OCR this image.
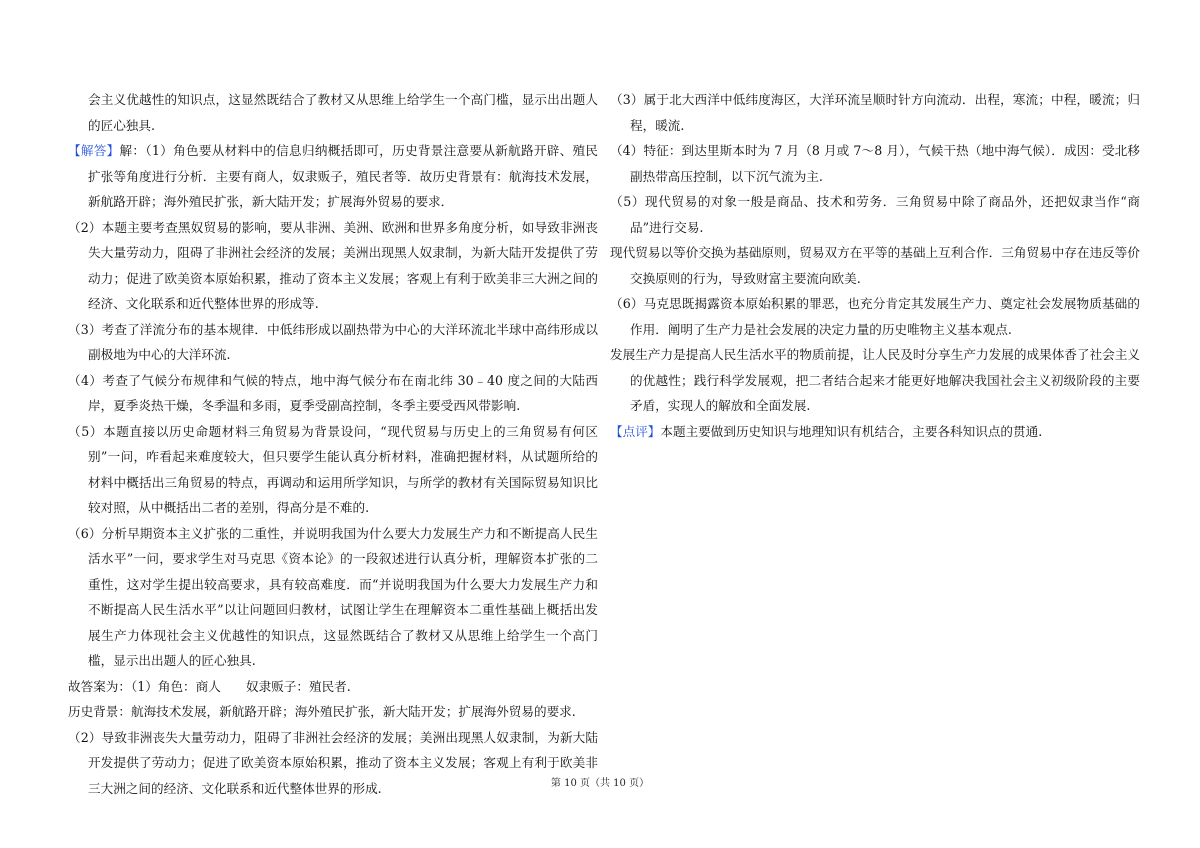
会主义优越性的知识点，这显然既结合了教材又从思维上给学生一个高门槛，显示出出题人的匠心独具.

【解答】解：（1）角色要从材料中的信息归纳概括即可，历史背景注意要从新航路开辟、殖民扩张等角度进行分析．主要有商人，奴隶贩子，殖民者等．故历史背景有：航海技术发展，新航路开辟；海外殖民扩张，新大陆开发；扩展海外贸易的要求．

（2）本题主要考查黑奴贸易的影响，要从非洲、美洲、欧洲和世界多角度分析，如导致非洲丧失大量劳动力，阻碍了非洲社会经济的发展；美洲出现黑人奴隶制，为新大陆开发提供了劳动力；促进了欧美资本原始积累，推动了资本主义发展；客观上有利于欧美非三大洲之间的经济、文化联系和近代整体世界的形成等.

（3）考查了洋流分布的基本规律．中低纬形成以副热带为中心的大洋环流北半球中高纬形成以副极地为中心的大洋环流.

（4）考查了气候分布规律和气候的特点，地中海气候分布在南北纬 30﹣40 度之间的大陆西岸，夏季炎热干燥，冬季温和多雨，夏季受副高控制，冬季主要受西风带影响.

（5）本题直接以历史命题材料三角贸易为背景设问，“现代贸易与历史上的三角贸易有何区别”一问，咋看起来难度较大，但只要学生能认真分析材料，准确把握材料，从试题所给的材料中概括出三角贸易的特点，再调动和运用所学知识，与所学的教材有关国际贸易知识比较对照，从中概括出二者的差别，得高分是不难的.

（6）分析早期资本主义扩张的二重性，并说明我国为什么要大力发展生产力和不断提高人民生活水平”一问，要求学生对马克思《资本论》的一段叙述进行认真分析，理解资本扩张的二重性，这对学生提出较高要求，具有较高难度．而“并说明我国为什么要大力发展生产力和不断提高人民生活水平”以让问题回归教材，试图让学生在理解资本二重性基础上概括出发展生产力体现社会主义优越性的知识点，这显然既结合了教材又从思维上给学生一个高门槛，显示出出题人的匠心独具.

故答案为：（1）角色：商人　　奴隶贩子：殖民者.

历史背景：航海技术发展，新航路开辟；海外殖民扩张，新大陆开发；扩展海外贸易的要求.

（2）导致非洲丧失大量劳动力，阻碍了非洲社会经济的发展；美洲出现黑人奴隶制，为新大陆开发提供了劳动力；促进了欧美资本原始积累，推动了资本主义发展；客观上有利于欧美非三大洲之间的经济、文化联系和近代整体世界的形成.

（3）属于北大西洋中低纬度海区，大洋环流呈顺时针方向流动．出程，寒流；中程，暖流；归程，暖流.

（4）特征：到达里斯本时为 7 月（8 月或 7～8 月），气候干热（地中海气候）．成因：受北移副热带高压控制，以下沉气流为主.

（5）现代贸易的对象一般是商品、技术和劳务．三角贸易中除了商品外，还把奴隶当作“商品”进行交易.

现代贸易以等价交换为基础原则，贸易双方在平等的基础上互利合作．三角贸易中存在违反等价交换原则的行为，导致财富主要流向欧美.

（6）马克思既揭露资本原始积累的罪恶，也充分肯定其发展生产力、奠定社会发展物质基础的作用．阐明了生产力是社会发展的决定力量的历史唯物主义基本观点.

发展生产力是提高人民生活水平的物质前提，让人民及时分享生产力发展的成果体香了社会主义的优越性；践行科学发展观，把二者结合起来才能更好地解决我国社会主义初级阶段的主要矛盾，实现人的解放和全面发展.

【点评】本题主要做到历史知识与地理知识有机结合，主要各科知识点的贯通.

第 10 页（共 10 页）
